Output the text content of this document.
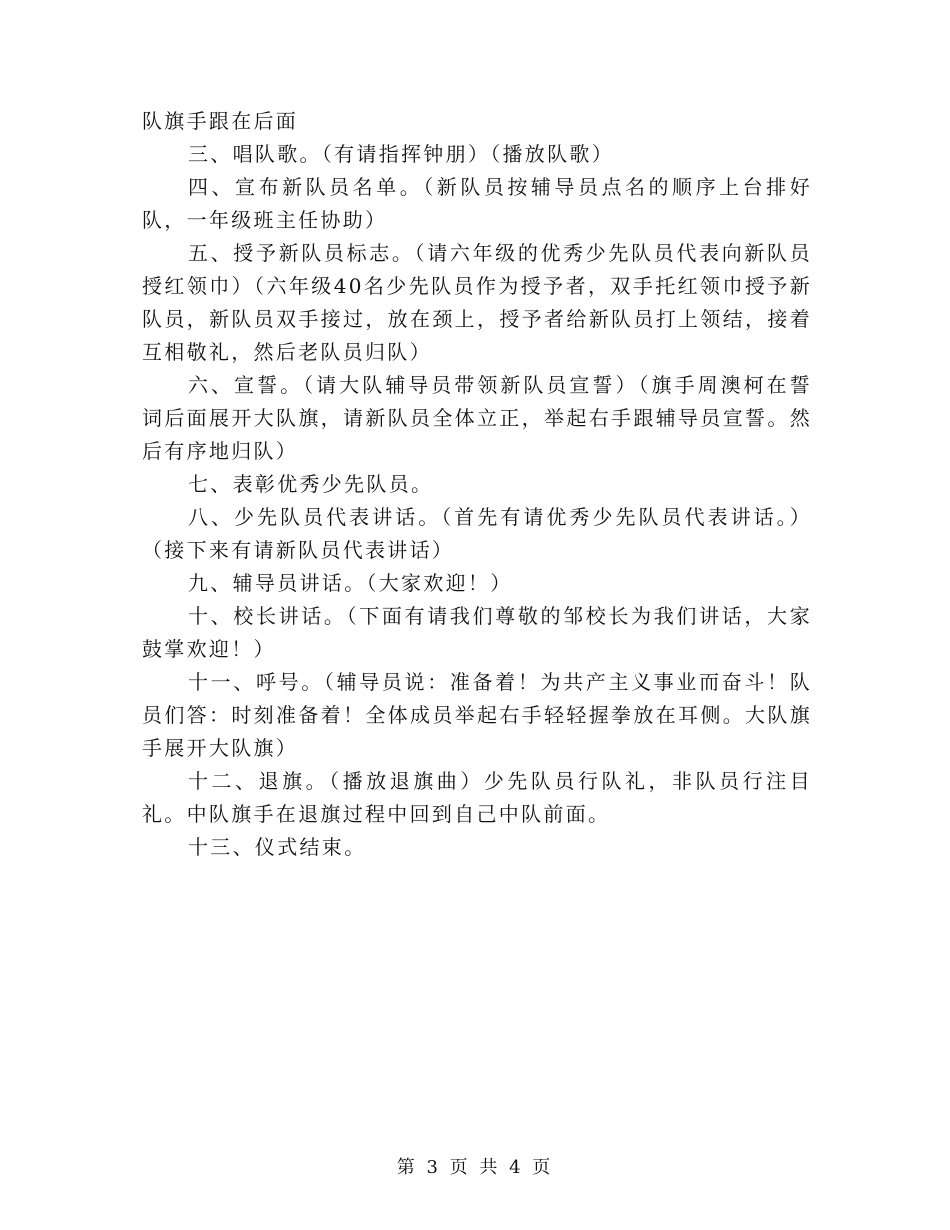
队旗手跟在后面

三、唱队歌。（有请指挥钟朋）（播放队歌）

四、宣布新队员名单。（新队员按辅导员点名的顺序上台排好队，一年级班主任协助）

五、授予新队员标志。（请六年级的优秀少先队员代表向新队员授红领巾）（六年级40名少先队员作为授予者，双手托红领巾授予新队员，新队员双手接过，放在颈上，授予者给新队员打上领结，接着互相敬礼，然后老队员归队）

六、宣誓。（请大队辅导员带领新队员宣誓）（旗手周澳柯在誓词后面展开大队旗，请新队员全体立正，举起右手跟辅导员宣誓。然后有序地归队）

七、表彰优秀少先队员。

八、少先队员代表讲话。（首先有请优秀少先队员代表讲话。）（接下来有请新队员代表讲话）

九、辅导员讲话。（大家欢迎！）

十、校长讲话。（下面有请我们尊敬的邹校长为我们讲话，大家鼓掌欢迎！）

十一、呼号。（辅导员说：准备着！为共产主义事业而奋斗！队员们答：时刻准备着！全体成员举起右手轻轻握拳放在耳侧。大队旗手展开大队旗）

十二、退旗。（播放退旗曲）少先队员行队礼，非队员行注目礼。中队旗手在退旗过程中回到自己中队前面。

十三、仪式结束。

第 3 页 共 4 页
